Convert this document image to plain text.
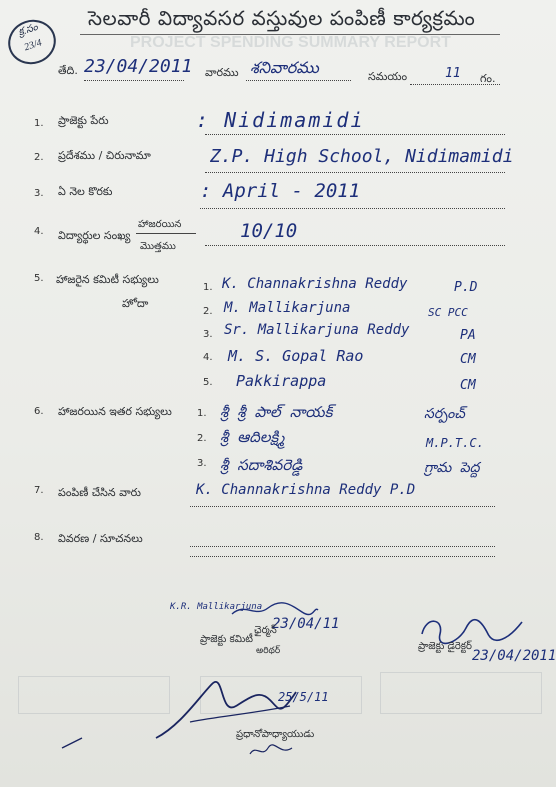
PROJECT SPENDING SUMMARY REPORT
క్ర.సం
23/4
సెలవారీ విద్యావసర వస్తువుల పంపిణీ కార్యక్రమం
తేది. 23/04/2011 వారము శనివారము	సమయం	11 గం.
1. ప్రాజెక్టు పేరు	: Nidimamidi
2. ప్రదేశము / చిరునామా	Z.P. High School, Nidimamidi
3. ఏ నెల కొరకు	: April - 2011
4. విద్యార్థుల సంఖ్య
హాజరయిన
మొత్తము
10/10
5. హాజరైన కమిటీ సభ్యులు
హోదా
1. K. Channakrishna Reddy	P.D
2. M. Mallikarjuna	SC PCC
3. Sr. Mallikarjuna Reddy	PA
4. M. S. Gopal Rao	CM
5. Pakkirappa	CM
6. హాజరయిన ఇతర సభ్యులు	1. శ్రీ శ్రీ పాల్ నాయక్	సర్పంచ్
2. శ్రీ ఆదిలక్ష్మి	M.P.T.C.
3. శ్రీ సదాశివరెడ్డి	గ్రామ పెద్ద
7. పంపిణీ చేసిన వారు	K. Channakrishna Reddy P.D
8. వివరణ / సూచనలు
K.R. Mallikarjuna
23/04/11
ఛైర్మన్
ప్రాజెక్టు కమిటీ
అరిథర్	ప్రాజెక్టు డైరెక్టర్
23/04/2011
25/5/11
ప్రధానోపాధ్యాయుడు
